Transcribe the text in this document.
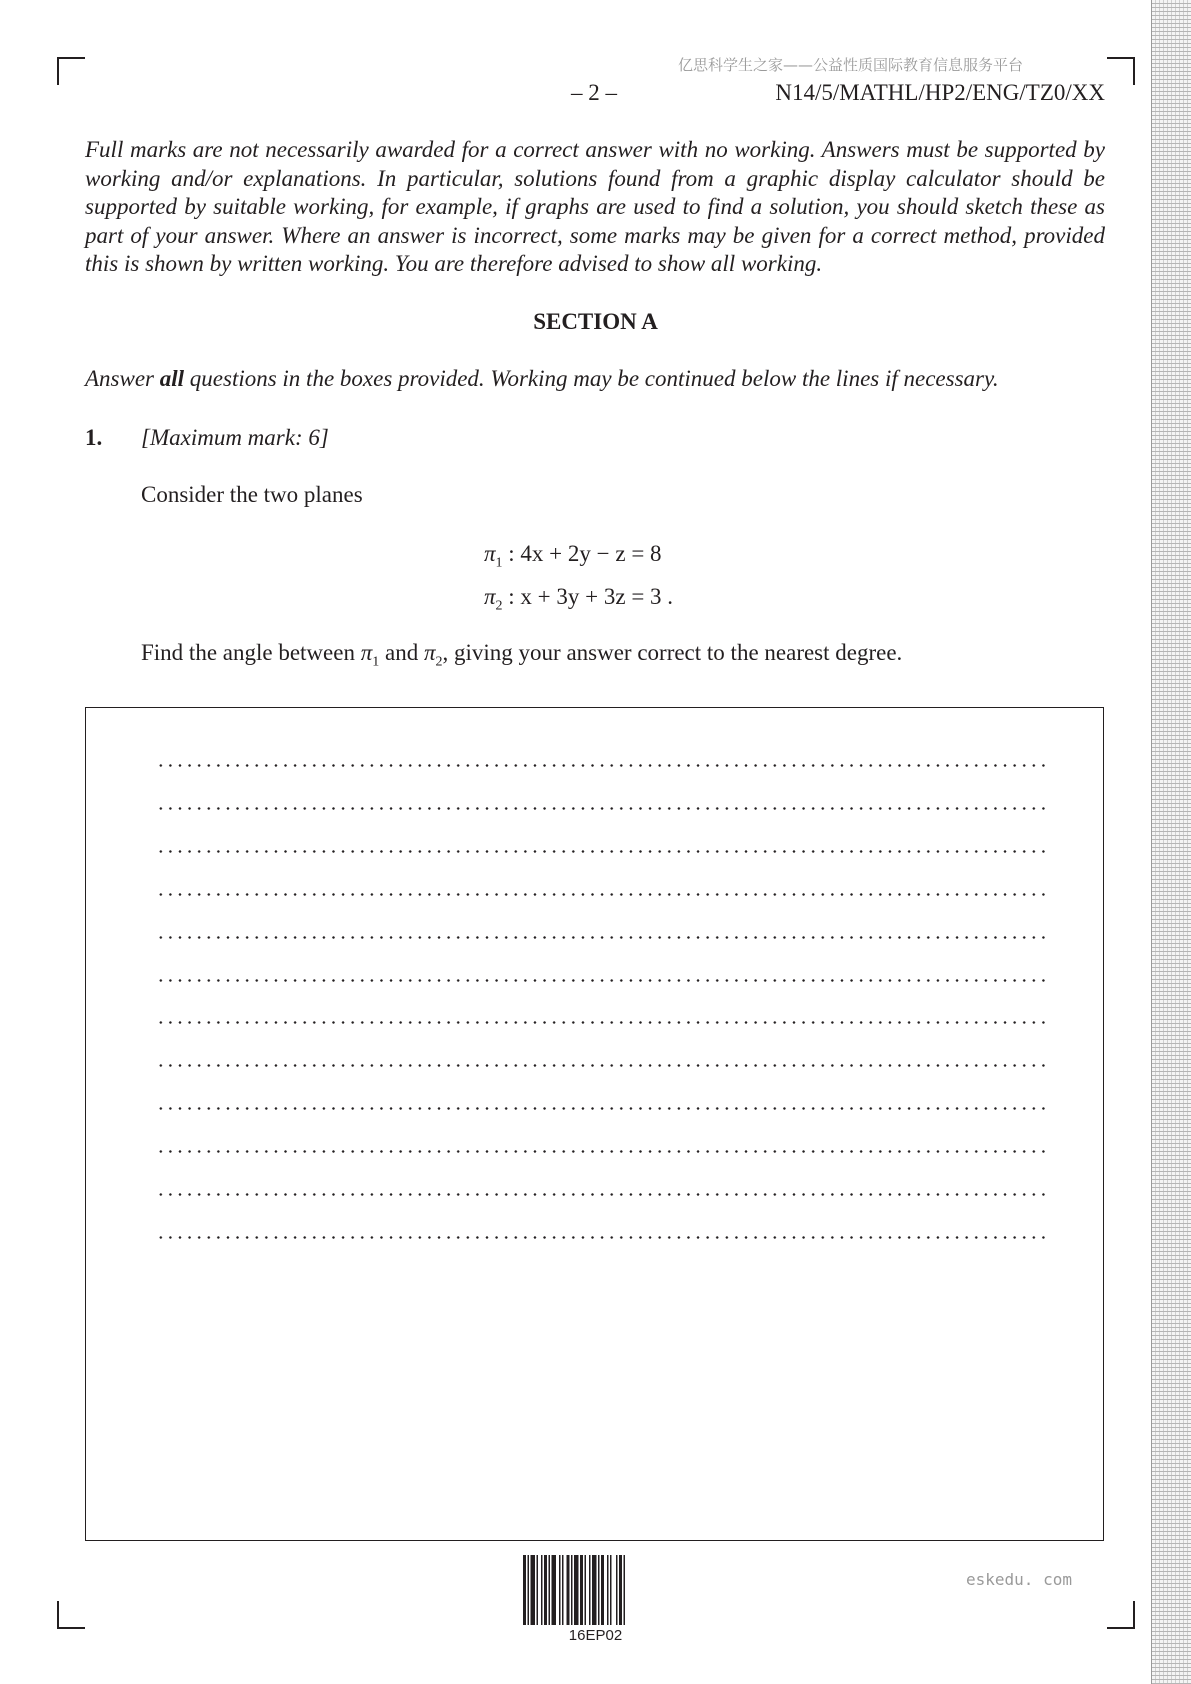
亿思科学生之家——公益性质国际教育信息服务平台
– 2 –	N14/5/MATHL/HP2/ENG/TZ0/XX

Full marks are not necessarily awarded for a correct answer with no working. Answers must be supported by working and/or explanations. In particular, solutions found from a graphic display calculator should be supported by suitable working, for example, if graphs are used to find a solution, you should sketch these as part of your answer. Where an answer is incorrect, some marks may be given for a correct method, provided this is shown by written working. You are therefore advised to show all working.

SECTION A
Answer all questions in the boxes provided. Working may be continued below the lines if necessary.
1. [Maximum mark: 6]
Consider the two planes
$\pi_1$ : 4x + 2y − z = 8
$\pi_2$ : x + 3y + 3z = 3 .
Find the angle between $\pi_1$ and $\pi_2$, giving your answer correct to the nearest degree.
16EP02
eskedu. com
